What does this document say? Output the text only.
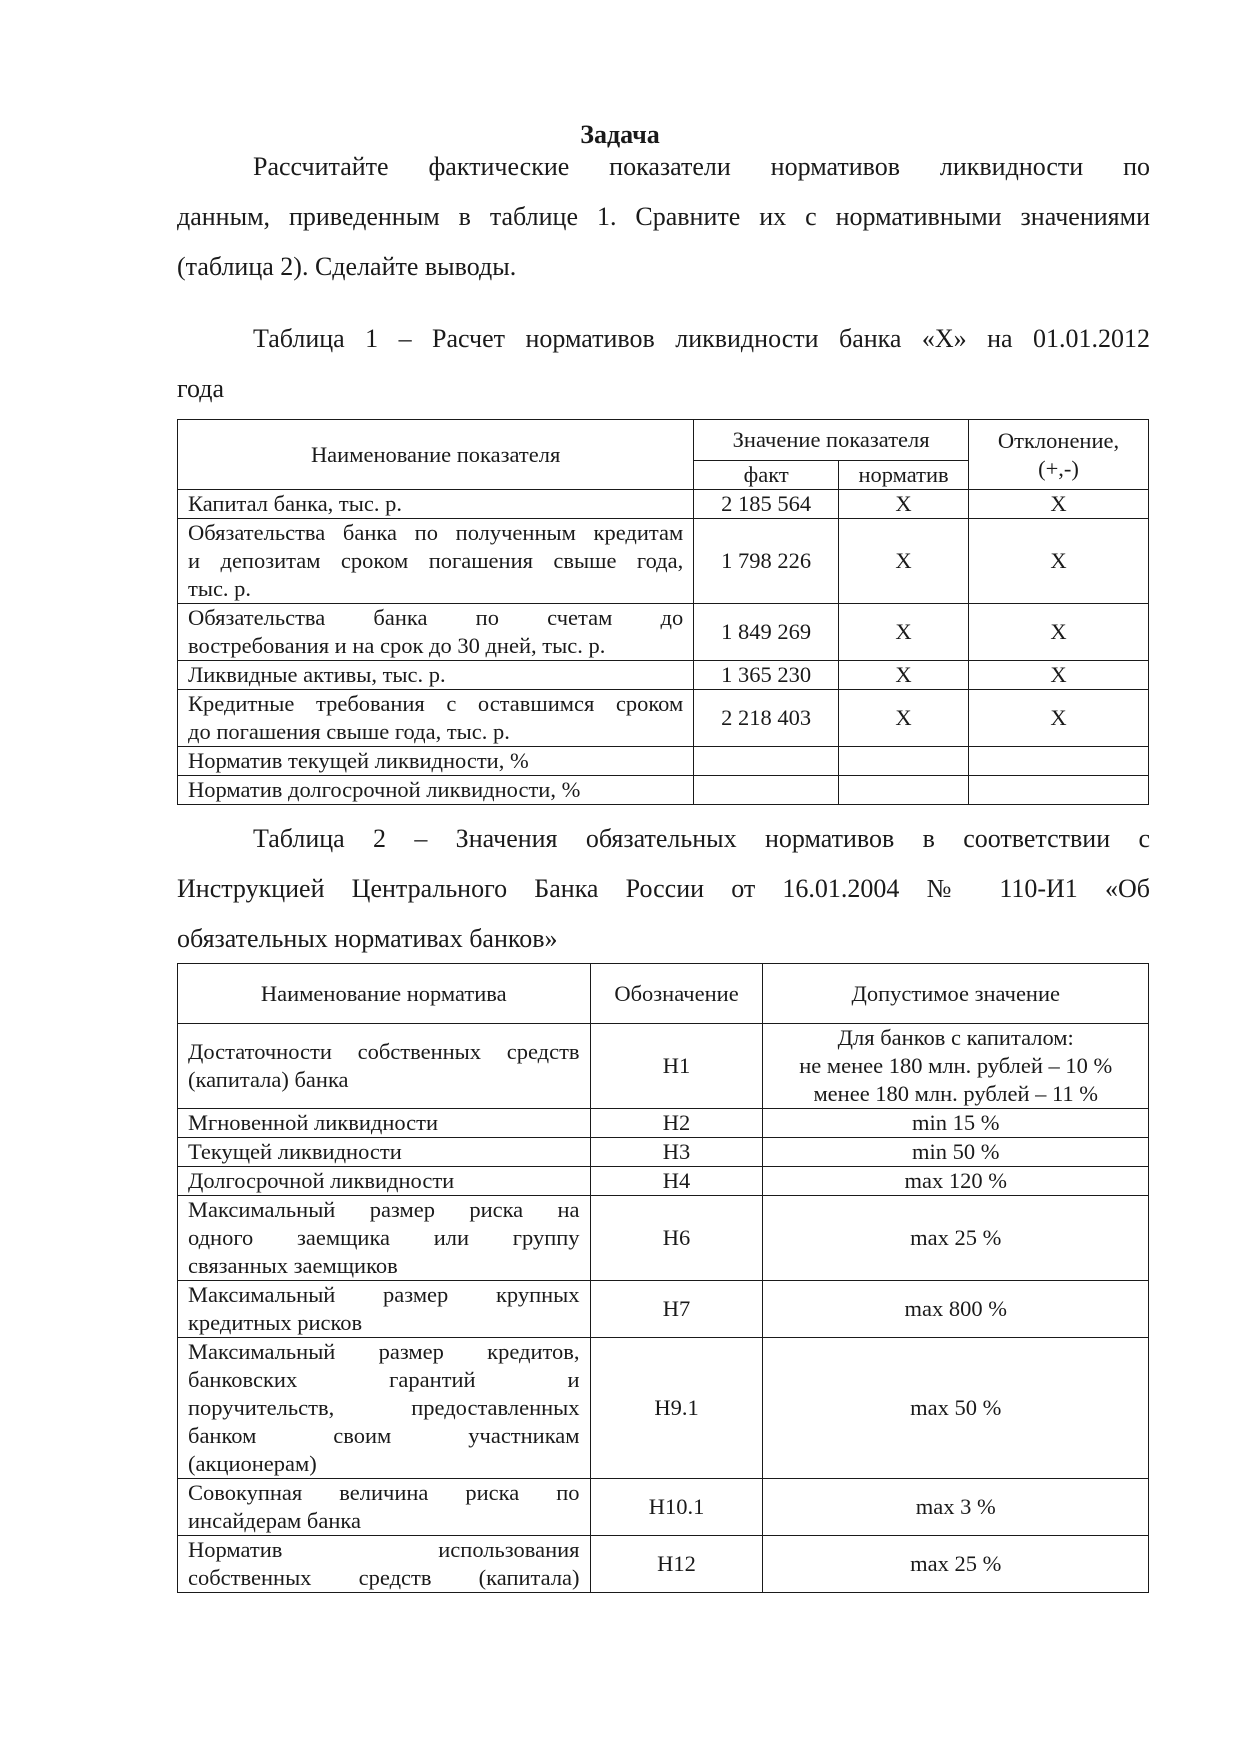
Задача
Рассчитайте фактические показатели нормативов ликвидности по
данным, приведенным в таблице 1. Сравните их с нормативными значениями
(таблица 2). Сделайте выводы.
Таблица 1 – Расчет нормативов ликвидности банка «Х» на 01.01.2012
года
Наименование показателя	Значение показателя		Отклонение, (+,-)
	факт	норматив	

Капитал банка, тыс. р.	2 185 564	Х	Х

Обязательства банка по полученным кредитам
и депозитам сроком погашения свыше года,
тыс. р.	1 798 226	Х	Х

Обязательства банка по счетам до
востребования и на срок до 30 дней, тыс. р.	1 849 269	Х	Х

Ликвидные активы, тыс. р.	1 365 230	Х	Х

Кредитные требования с оставшимся сроком
до погашения свыше года, тыс. р.	2 218 403	Х	Х

Норматив текущей ликвидности, %			

Норматив долгосрочной ликвидности, %			

Таблица 2 – Значения обязательных нормативов в соответствии с
Инструкцией Центрального Банка России от 16.01.2004 № 110-И1 «Об
обязательных нормативах банков»
Наименование норматива	Обозначение	Допустимое значение

Достаточности собственных средств
(капитала) банка	Н1	Для банков с капиталом:
не менее 180 млн. рублей – 10 %
менее 180 млн. рублей – 11 %

Мгновенной ликвидности	Н2	min 15 %

Текущей ликвидности	Н3	min 50 %

Долгосрочной ликвидности	Н4	max 120 %

Максимальный размер риска на
одного заемщика или группу
связанных заемщиков	Н6	max 25 %

Максимальный размер крупных
кредитных рисков	Н7	max 800 %

Максимальный размер кредитов,
банковских гарантий и
поручительств, предоставленных
банком своим участникам
(акционерам)	Н9.1	max 50 %

Совокупная величина риска по
инсайдерам банка	Н10.1	max 3 %

Норматив использования
собственных средств (капитала)	Н12	max 25 %
